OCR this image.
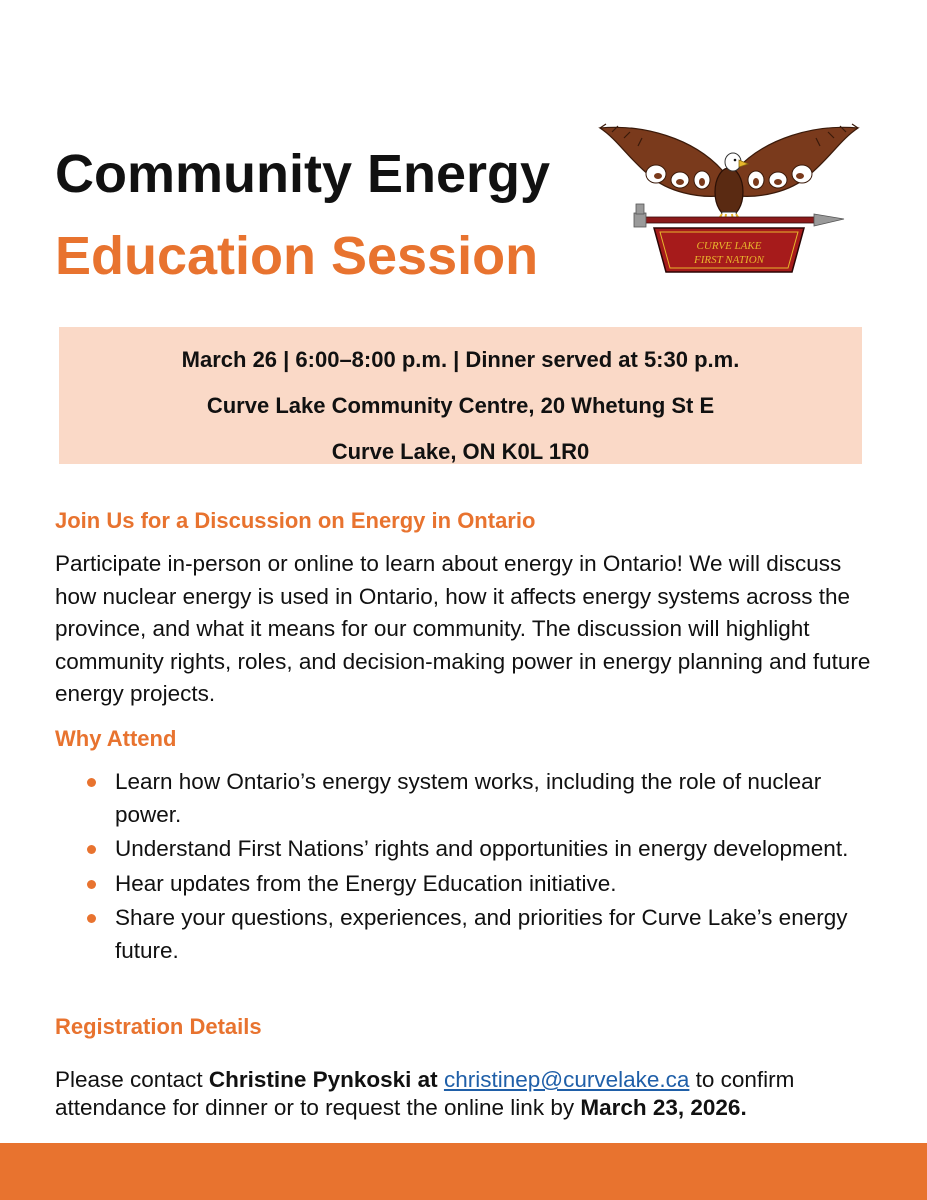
Community Energy
Education Session	CURVE LAKE
FIRST NATION
March 26 | 6:00–8:00 p.m. | Dinner served at 5:30 p.m.
Curve Lake Community Centre, 20 Whetung St E
Curve Lake, ON K0L 1R0
Join Us for a Discussion on Energy in Ontario

Participate in-person or online to learn about energy in Ontario! We will discuss how nuclear energy is used in Ontario, how it affects energy systems across the province, and what it means for our community. The discussion will highlight community rights, roles, and decision-making power in energy planning and future energy projects.

Why Attend
Learn how Ontario’s energy system works, including the role of nuclear power.
Understand First Nations’ rights and opportunities in energy development.
Hear updates from the Energy Education initiative.
Share your questions, experiences, and priorities for Curve Lake’s energy future.
Registration Details

Please contact Christine Pynkoski at christinep@curvelake.ca to confirm attendance for dinner or to request the online link by March 23, 2026.
